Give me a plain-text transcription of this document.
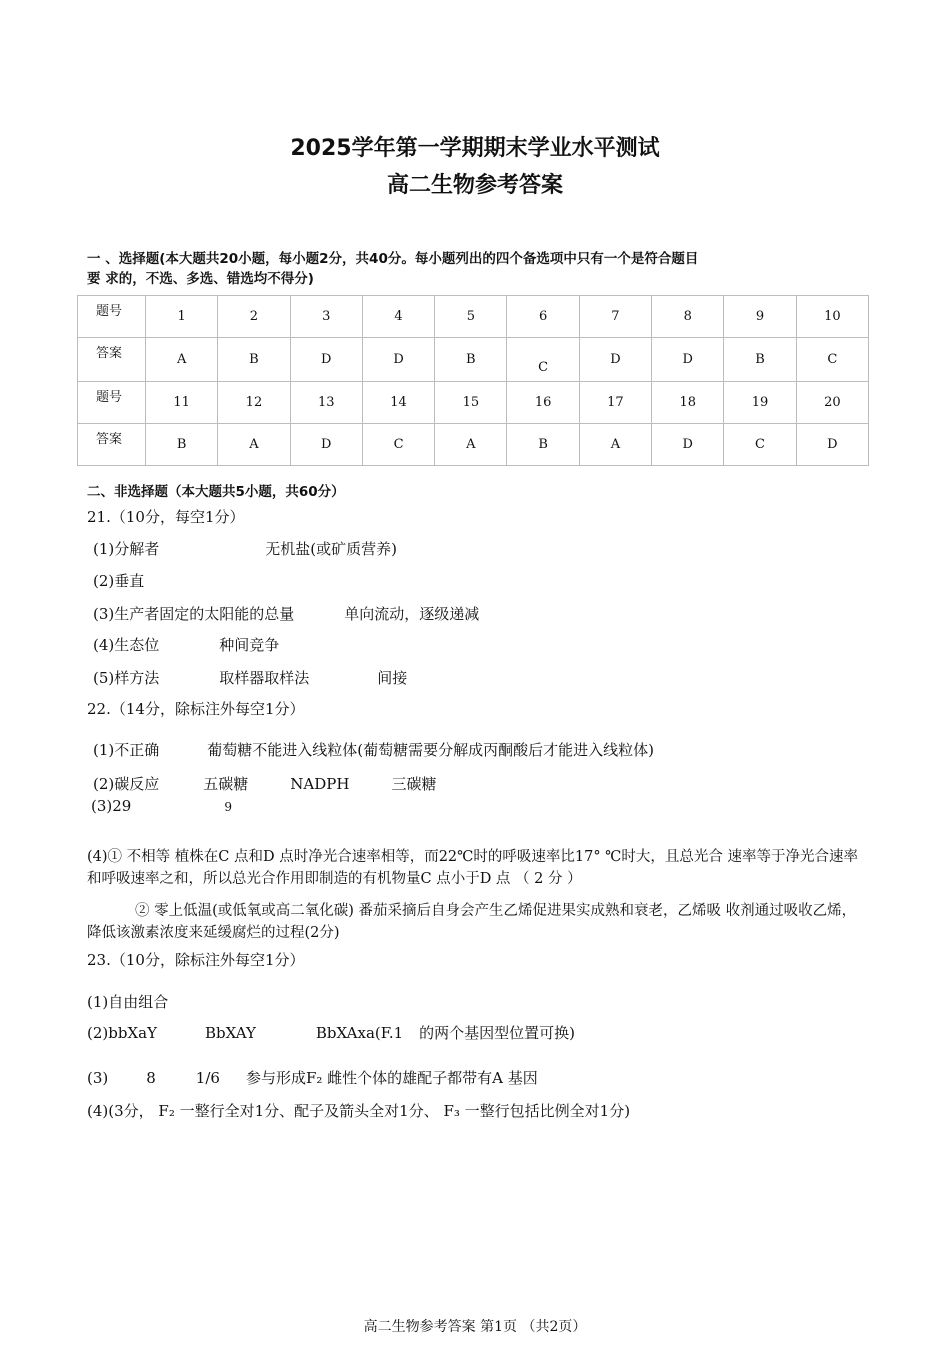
2025学年第一学期期末学业水平测试
高二生物参考答案
一 、选择题(本大题共20小题，每小题2分，共40分。每小题列出的四个备选项中只有一个是符合题目
要 求的，不选、多选、错选均不得分)
题号	1	2	3	4	5	6	7	8	9	10
答案	A	B	D	D	B	C	D	D	B	C
题号	11	12	13	14	15	16	17	18	19	20
答案	B	A	D	C	A	B	A	D	C	D
二、非选择题（本大题共5小题，共60分）
21.（10分，每空1分）
(1)分解者	无机盐(或矿质营养)
(2)垂直
(3)生产者固定的太阳能的总量	单向流动，逐级递减
(4)生态位	种间竞争
(5)样方法	取样器取样法	间接
22.（14分，除标注外每空1分）
(1)不正确	葡萄糖不能进入线粒体(葡萄糖需要分解成丙酮酸后才能进入线粒体)
(2)碳反应	五碳糖	NADPH	三碳糖
(3)29	9
(4)① 不相等 植株在C 点和D 点时净光合速率相等，而22℃时的呼吸速率比17° ℃时大，且总光合 速率等于净光合速率和呼吸速率之和，所以总光合作用即制造的有机物量C 点小于D 点 （ 2 分 ）
② 零上低温(或低氧或高二氧化碳) 番茄采摘后自身会产生乙烯促进果实成熟和衰老，乙烯吸 收剂通过吸收乙烯，降低该激素浓度来延缓腐烂的过程(2分)
23.（10分，除标注外每空1分）
(1)自由组合
(2)bbXaY	BbXAY	BbXAxa(F.1 的两个基因型位置可换)
(3)	8	1/6 参与形成F₂ 雌性个体的雄配子都带有A 基因
(4)(3分， F₂ 一整行全对1分、配子及箭头全对1分、 F₃ 一整行包括比例全对1分)
高二生物参考答案 第1页 （共2页）
